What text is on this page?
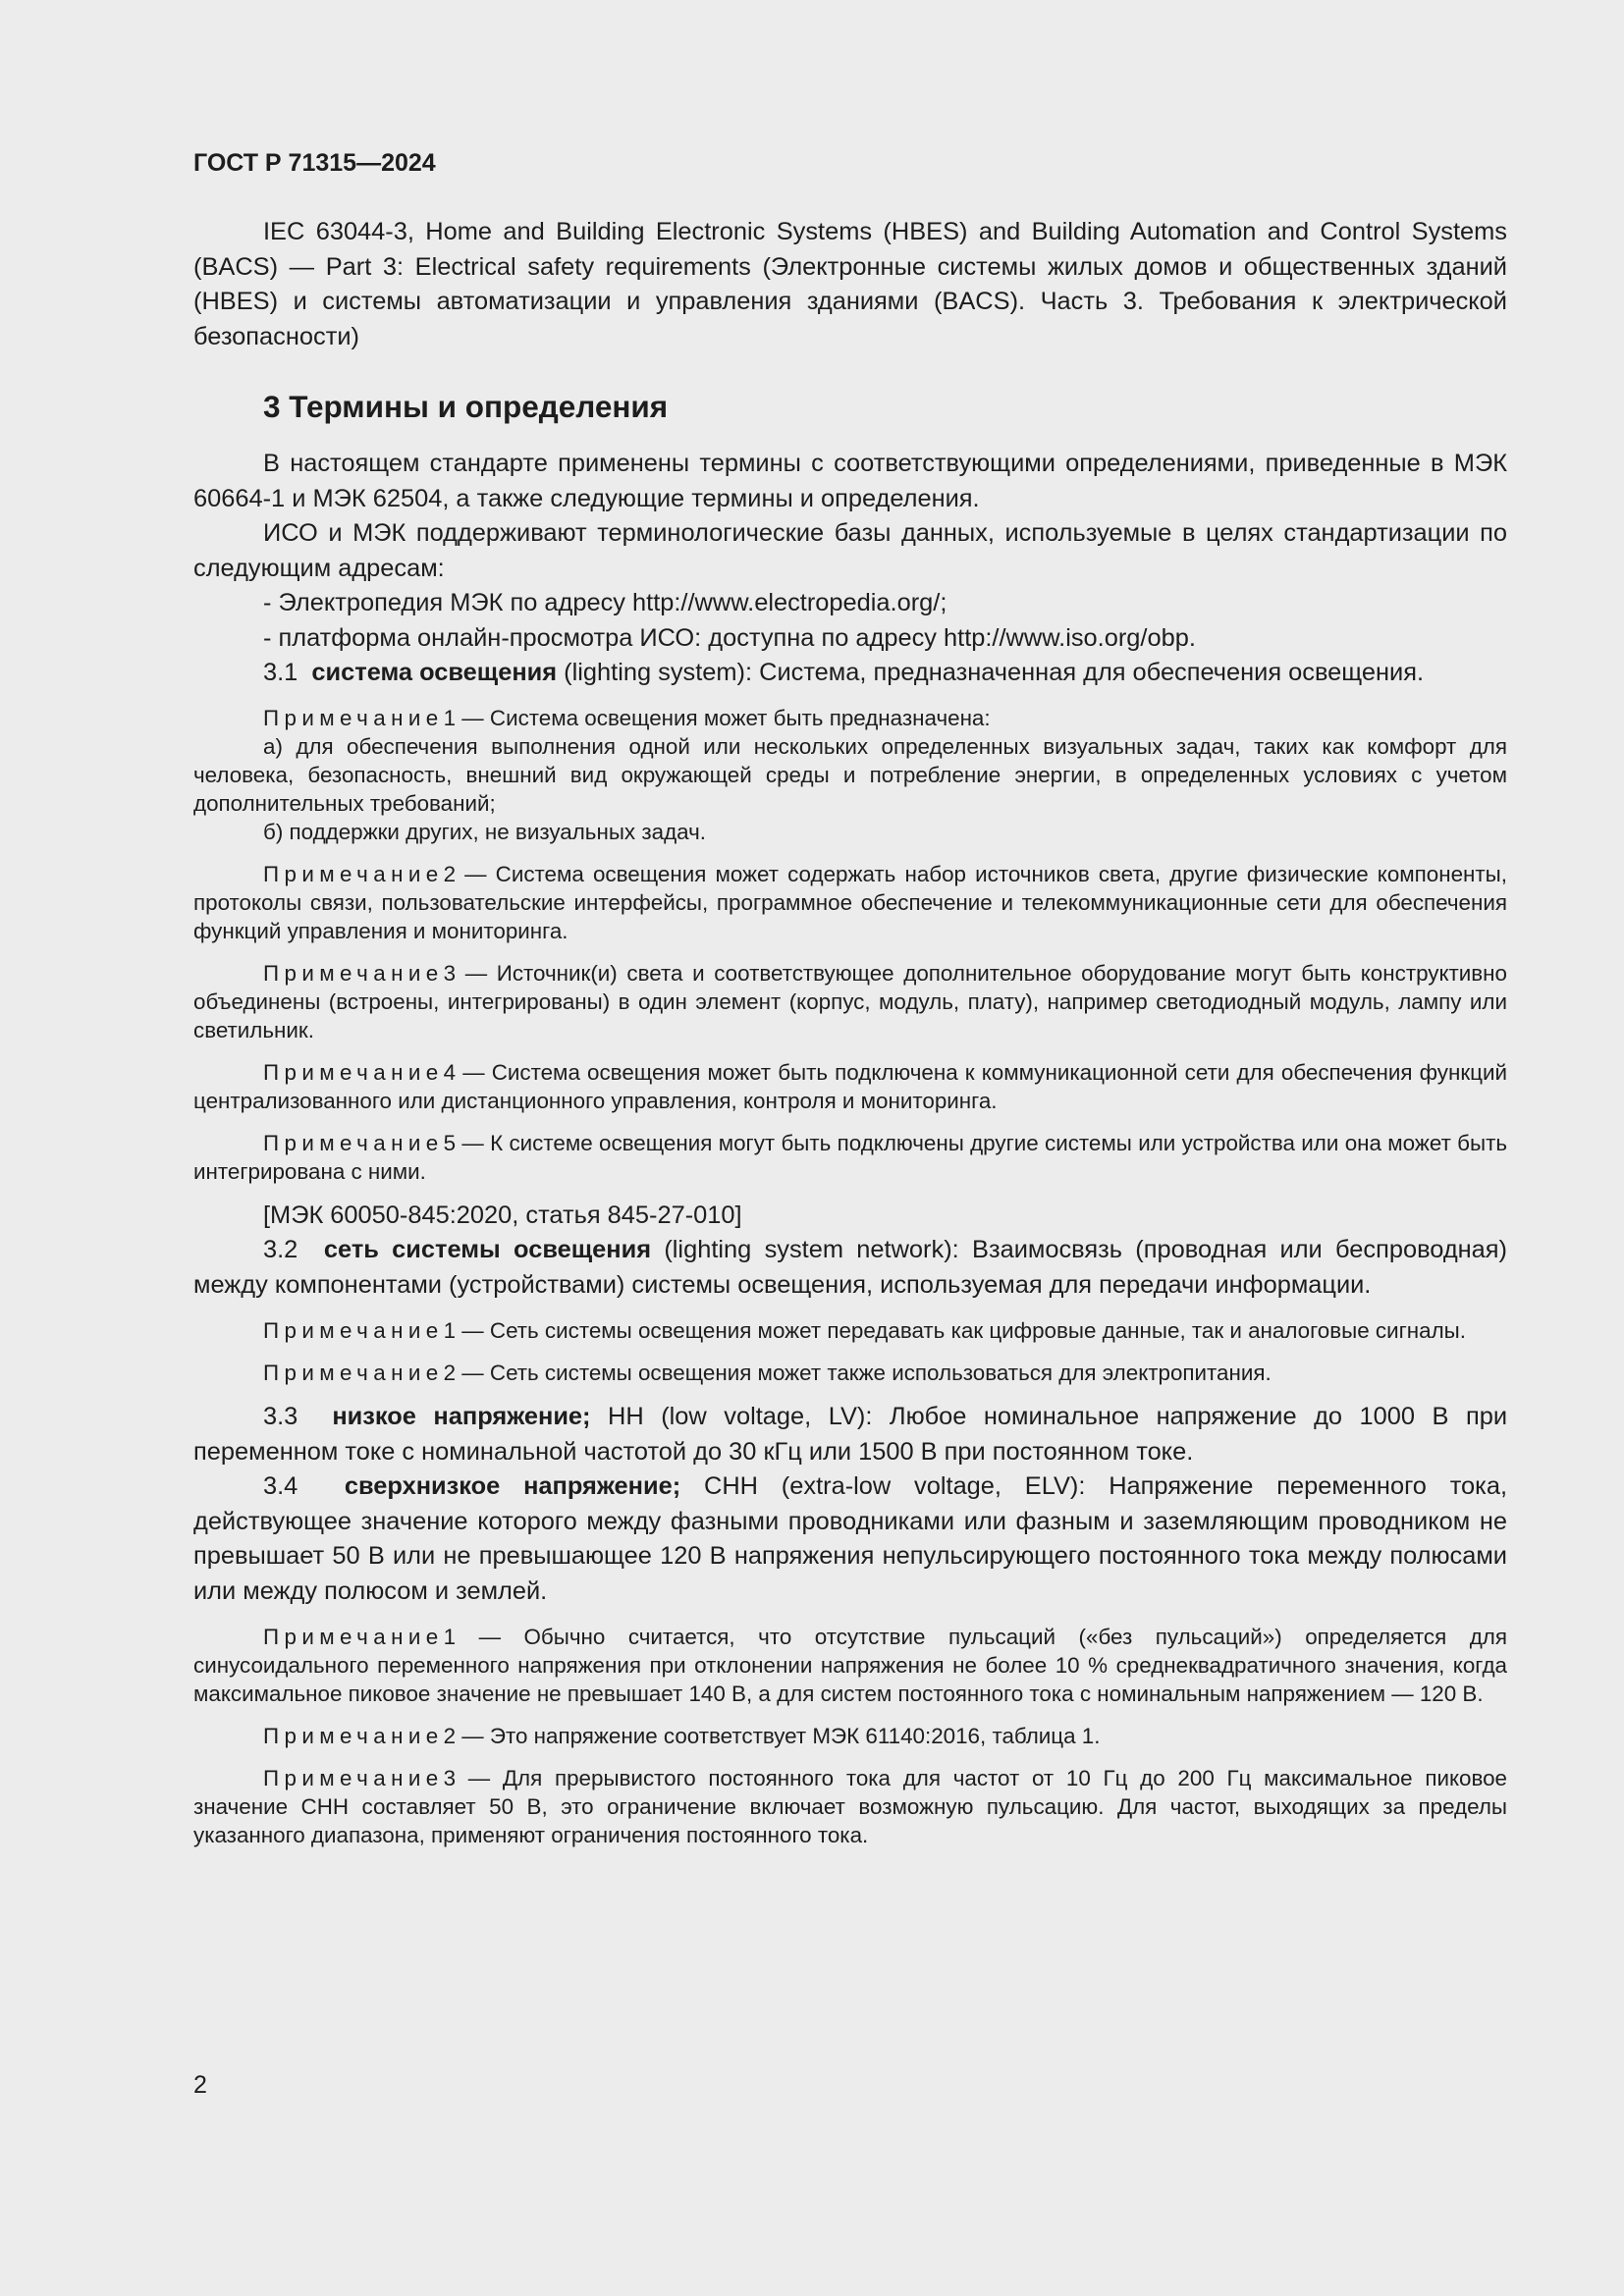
ГОСТ Р 71315—2024

IEC 63044-3, Home and Building Electronic Systems (HBES) and Building Automation and Control Systems (BACS) — Part 3: Electrical safety requirements (Электронные системы жилых домов и общественных зданий (HBES) и системы автоматизации и управления зданиями (BACS). Часть 3. Требования к электрической безопасности)

3 Термины и определения

В настоящем стандарте применены термины с соответствующими определениями, приведенные в МЭК 60664-1 и МЭК 62504, а также следующие термины и определения.

ИСО и МЭК поддерживают терминологические базы данных, используемые в целях стандартизации по следующим адресам:

- Электропедия МЭК по адресу http://www.electropedia.org/;

- платформа онлайн-просмотра ИСО: доступна по адресу http://www.iso.org/obp.

3.1 система освещения (lighting system): Система, предназначенная для обеспечения освещения.

Примечание1 — Система освещения может быть предназначена:

а) для обеспечения выполнения одной или нескольких определенных визуальных задач, таких как комфорт для человека, безопасность, внешний вид окружающей среды и потребление энергии, в определенных условиях с учетом дополнительных требований;

б) поддержки других, не визуальных задач.

Примечание2 — Система освещения может содержать набор источников света, другие физические компоненты, протоколы связи, пользовательские интерфейсы, программное обеспечение и телекоммуникационные сети для обеспечения функций управления и мониторинга.

Примечание3 — Источник(и) света и соответствующее дополнительное оборудование могут быть конструктивно объединены (встроены, интегрированы) в один элемент (корпус, модуль, плату), например светодиодный модуль, лампу или светильник.

Примечание4 — Система освещения может быть подключена к коммуникационной сети для обеспечения функций централизованного или дистанционного управления, контроля и мониторинга.

Примечание5 — К системе освещения могут быть подключены другие системы или устройства или она может быть интегрирована с ними.

[МЭК 60050-845:2020, статья 845-27-010]

3.2 сеть системы освещения (lighting system network): Взаимосвязь (проводная или беспроводная) между компонентами (устройствами) системы освещения, используемая для передачи информации.

Примечание1 — Сеть системы освещения может передавать как цифровые данные, так и аналоговые сигналы.

Примечание2 — Сеть системы освещения может также использоваться для электропитания.

3.3 низкое напряжение; НН (low voltage, LV): Любое номинальное напряжение до 1000 В при переменном токе с номинальной частотой до 30 кГц или 1500 В при постоянном токе.

3.4 сверхнизкое напряжение; СНН (extra-low voltage, ELV): Напряжение переменного тока, действующее значение которого между фазными проводниками или фазным и заземляющим проводником не превышает 50 В или не превышающее 120 В напряжения непульсирующего постоянного тока между полюсами или между полюсом и землей.

Примечание1 — Обычно считается, что отсутствие пульсаций («без пульсаций») определяется для синусоидального переменного напряжения при отклонении напряжения не более 10 % среднеквадратичного значения, когда максимальное пиковое значение не превышает 140 В, а для систем постоянного тока с номинальным напряжением — 120 В.

Примечание2 — Это напряжение соответствует МЭК 61140:2016, таблица 1.

Примечание3 — Для прерывистого постоянного тока для частот от 10 Гц до 200 Гц максимальное пиковое значение СНН составляет 50 В, это ограничение включает возможную пульсацию. Для частот, выходящих за пределы указанного диапазона, применяют ограничения постоянного тока.

2
